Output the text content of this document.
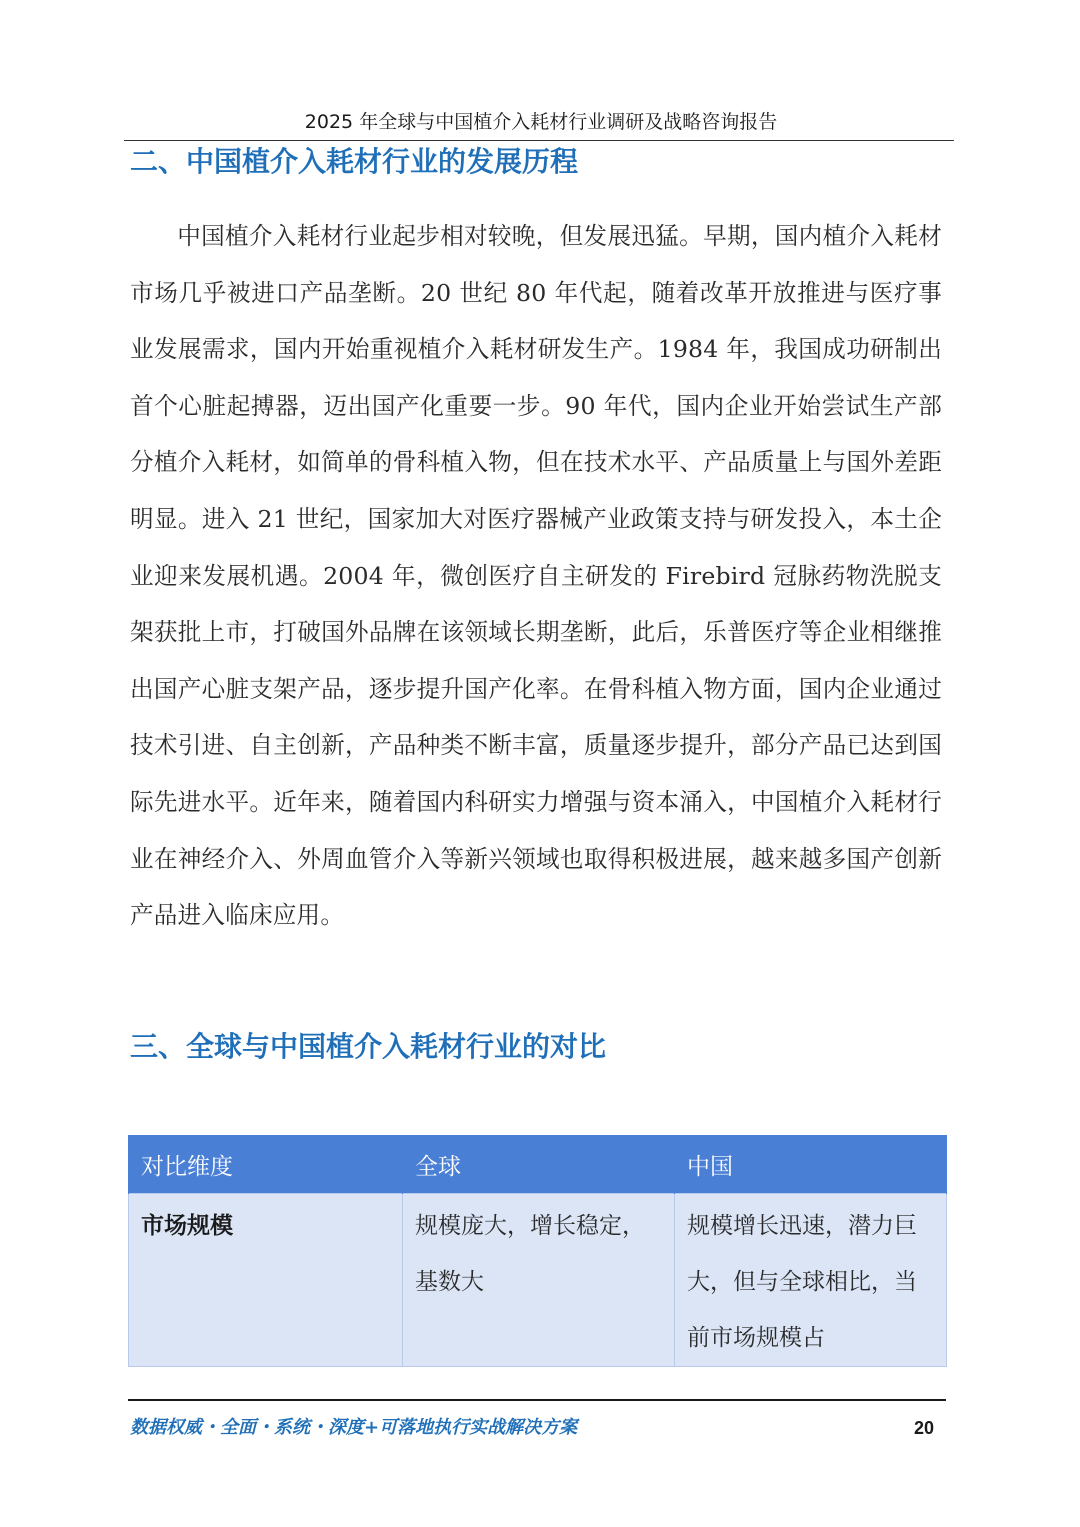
2025 年全球与中国植介入耗材行业调研及战略咨询报告
二、中国植介入耗材行业的发展历程

中国植介入耗材行业起步相对较晚，但发展迅猛。早期，国内植介入耗材市场几乎被进口产品垄断。20 世纪 80 年代起，随着改革开放推进与医疗事业发展需求，国内开始重视植介入耗材研发生产。1984 年，我国成功研制出首个心脏起搏器，迈出国产化重要一步。90 年代，国内企业开始尝试生产部分植介入耗材，如简单的骨科植入物，但在技术水平、产品质量上与国外差距明显。进入 21 世纪，国家加大对医疗器械产业政策支持与研发投入，本土企业迎来发展机遇。2004 年，微创医疗自主研发的 Firebird 冠脉药物洗脱支架获批上市，打破国外品牌在该领域长期垄断，此后，乐普医疗等企业相继推出国产心脏支架产品，逐步提升国产化率。在骨科植入物方面，国内企业通过技术引进、自主创新，产品种类不断丰富，质量逐步提升，部分产品已达到国际先进水平。近年来，随着国内科研实力增强与资本涌入，中国植介入耗材行业在神经介入、外周血管介入等新兴领域也取得积极进展，越来越多国产创新产品进入临床应用。

三、全球与中国植介入耗材行业的对比
对比维度	全球	中国
市场规模	规模庞大，增长稳定，基数大	规模增长迅速，潜力巨大，但与全球相比，当前市场规模占
数据权威・全面・系统・深度+可落地执行实战解决方案	20
